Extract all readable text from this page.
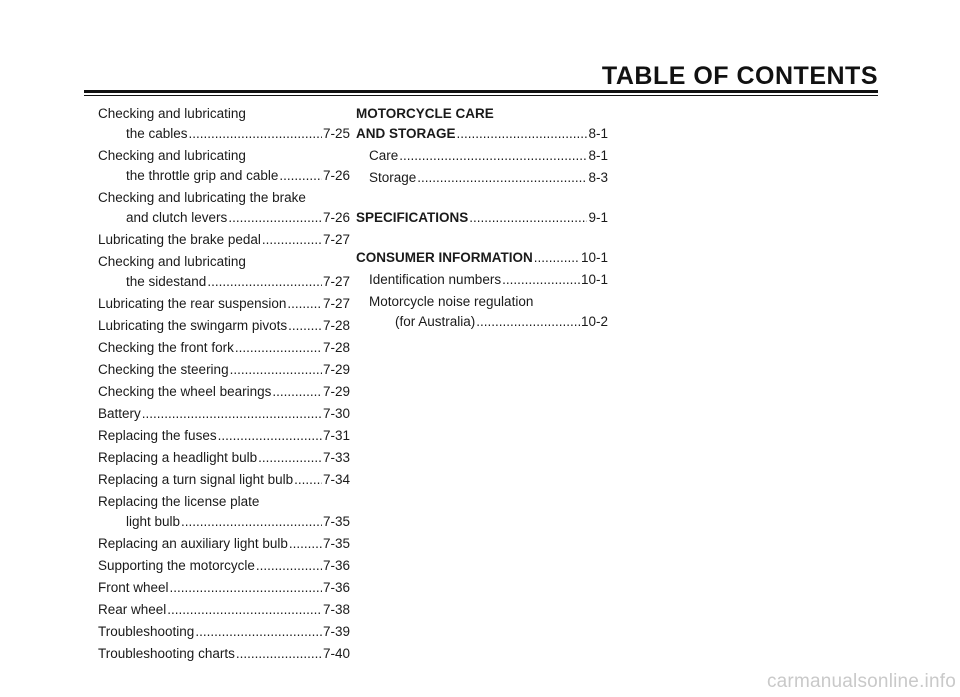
TABLE OF CONTENTS
Checking and lubricating
the cables .....	7-25
Checking and lubricating
the throttle grip and cable .....	7-26
Checking and lubricating the brake
and clutch levers .....	7-26
Lubricating the brake pedal .....	7-27
Checking and lubricating
the sidestand .....	7-27
Lubricating the rear suspension .....	7-27
Lubricating the swingarm pivots .....	7-28
Checking the front fork .....	7-28
Checking the steering .....	7-29
Checking the wheel bearings .....	7-29
Battery .....	7-30
Replacing the fuses .....	7-31
Replacing a headlight bulb .....	7-33
Replacing a turn signal light bulb ..... 7-34
Replacing the license plate
light bulb .....	7-35
Replacing an auxiliary light bulb .....	7-35
Supporting the motorcycle .....	7-36
Front wheel .....	7-36
Rear wheel .....	7-38
Troubleshooting .....	7-39
Troubleshooting charts .....	7-40
MOTORCYCLE CARE
AND STORAGE .....	8-1
Care .....	8-1
Storage .....	8-3
SPECIFICATIONS .....	9-1
CONSUMER INFORMATION .....	10-1
Identification numbers .....	10-1
Motorcycle noise regulation
(for Australia) .....	10-2
carmanualsonline.info
